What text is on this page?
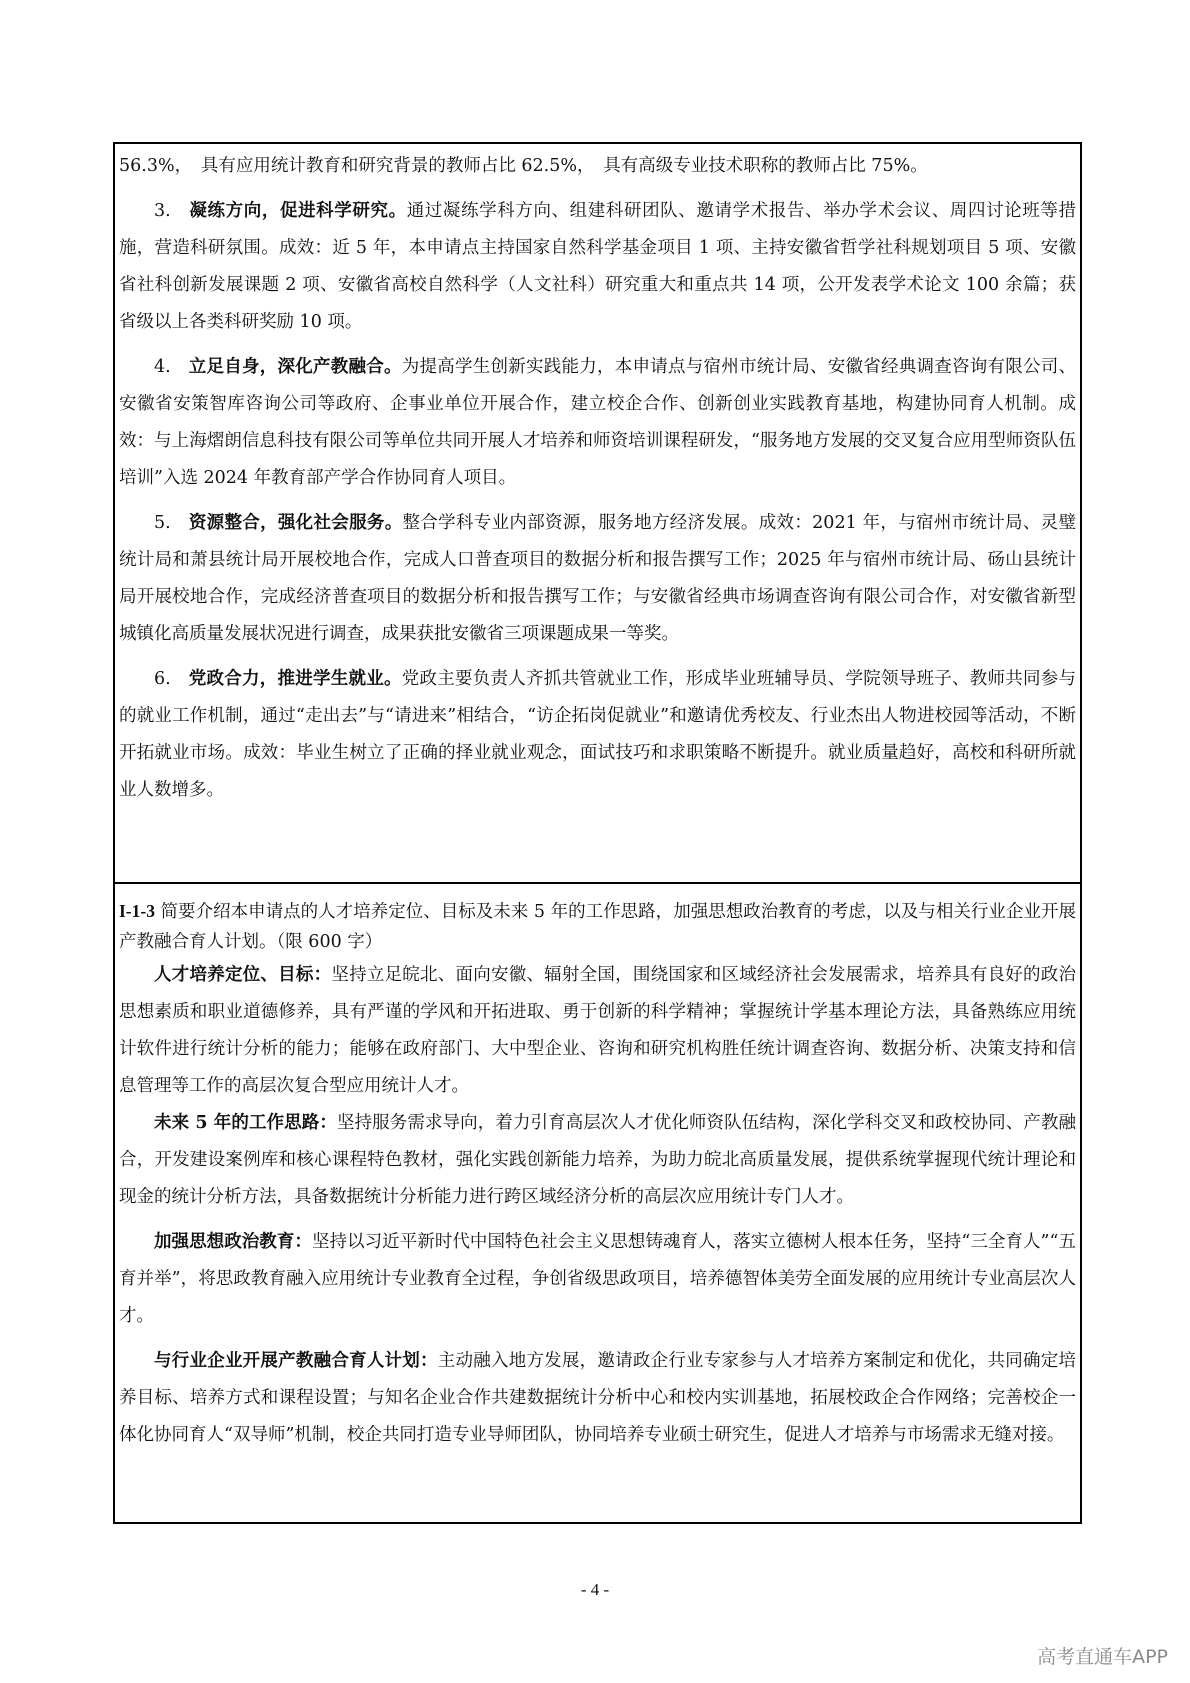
56.3%，　具有应用统计教育和研究背景的教师占比 62.5%，　具有高级专业技术职称的教师占比 75%。

3.　凝练方向，促进科学研究。通过凝练学科方向、组建科研团队、邀请学术报告、举办学术会议、周四讨论班等措施，营造科研氛围。成效：近 5 年，本申请点主持国家自然科学基金项目 1 项、主持安徽省哲学社科规划项目 5 项、安徽省社科创新发展课题 2 项、安徽省高校自然科学（人文社科）研究重大和重点共 14 项，公开发表学术论文 100 余篇；获省级以上各类科研奖励 10 项。

4.　立足自身，深化产教融合。为提高学生创新实践能力，本申请点与宿州市统计局、安徽省经典调查咨询有限公司、安徽省安策智库咨询公司等政府、企事业单位开展合作，建立校企合作、创新创业实践教育基地，构建协同育人机制。成效：与上海熠朗信息科技有限公司等单位共同开展人才培养和师资培训课程研发，“服务地方发展的交叉复合应用型师资队伍培训”入选 2024 年教育部产学合作协同育人项目。

5.　资源整合，强化社会服务。整合学科专业内部资源，服务地方经济发展。成效：2021 年，与宿州市统计局、灵璧统计局和萧县统计局开展校地合作，完成人口普查项目的数据分析和报告撰写工作；2025 年与宿州市统计局、砀山县统计局开展校地合作，完成经济普查项目的数据分析和报告撰写工作；与安徽省经典市场调查咨询有限公司合作，对安徽省新型城镇化高质量发展状况进行调查，成果获批安徽省三项课题成果一等奖。

6.　党政合力，推进学生就业。党政主要负责人齐抓共管就业工作，形成毕业班辅导员、学院领导班子、教师共同参与的就业工作机制，通过“走出去”与“请进来”相结合，“访企拓岗促就业”和邀请优秀校友、行业杰出人物进校园等活动，不断开拓就业市场。成效：毕业生树立了正确的择业就业观念，面试技巧和求职策略不断提升。就业质量趋好，高校和科研所就业人数增多。

I-1-3 简要介绍本申请点的人才培养定位、目标及未来 5 年的工作思路，加强思想政治教育的考虑，以及与相关行业企业开展产教融合育人计划。（限 600 字）

人才培养定位、目标：坚持立足皖北、面向安徽、辐射全国，围绕国家和区域经济社会发展需求，培养具有良好的政治思想素质和职业道德修养，具有严谨的学风和开拓进取、勇于创新的科学精神；掌握统计学基本理论方法，具备熟练应用统计软件进行统计分析的能力；能够在政府部门、大中型企业、咨询和研究机构胜任统计调查咨询、数据分析、决策支持和信息管理等工作的高层次复合型应用统计人才。

未来 5 年的工作思路：坚持服务需求导向，着力引育高层次人才优化师资队伍结构，深化学科交叉和政校协同、产教融合，开发建设案例库和核心课程特色教材，强化实践创新能力培养，为助力皖北高质量发展，提供系统掌握现代统计理论和现金的统计分析方法，具备数据统计分析能力进行跨区域经济分析的高层次应用统计专门人才。

加强思想政治教育：坚持以习近平新时代中国特色社会主义思想铸魂育人，落实立德树人根本任务，坚持“三全育人”“五育并举”，将思政教育融入应用统计专业教育全过程，争创省级思政项目，培养德智体美劳全面发展的应用统计专业高层次人才。

与行业企业开展产教融合育人计划：主动融入地方发展，邀请政企行业专家参与人才培养方案制定和优化，共同确定培养目标、培养方式和课程设置；与知名企业合作共建数据统计分析中心和校内实训基地，拓展校政企合作网络；完善校企一体化协同育人“双导师”机制，校企共同打造专业导师团队，协同培养专业硕士研究生，促进人才培养与市场需求无缝对接。

- 4 -
高考直通车APP
